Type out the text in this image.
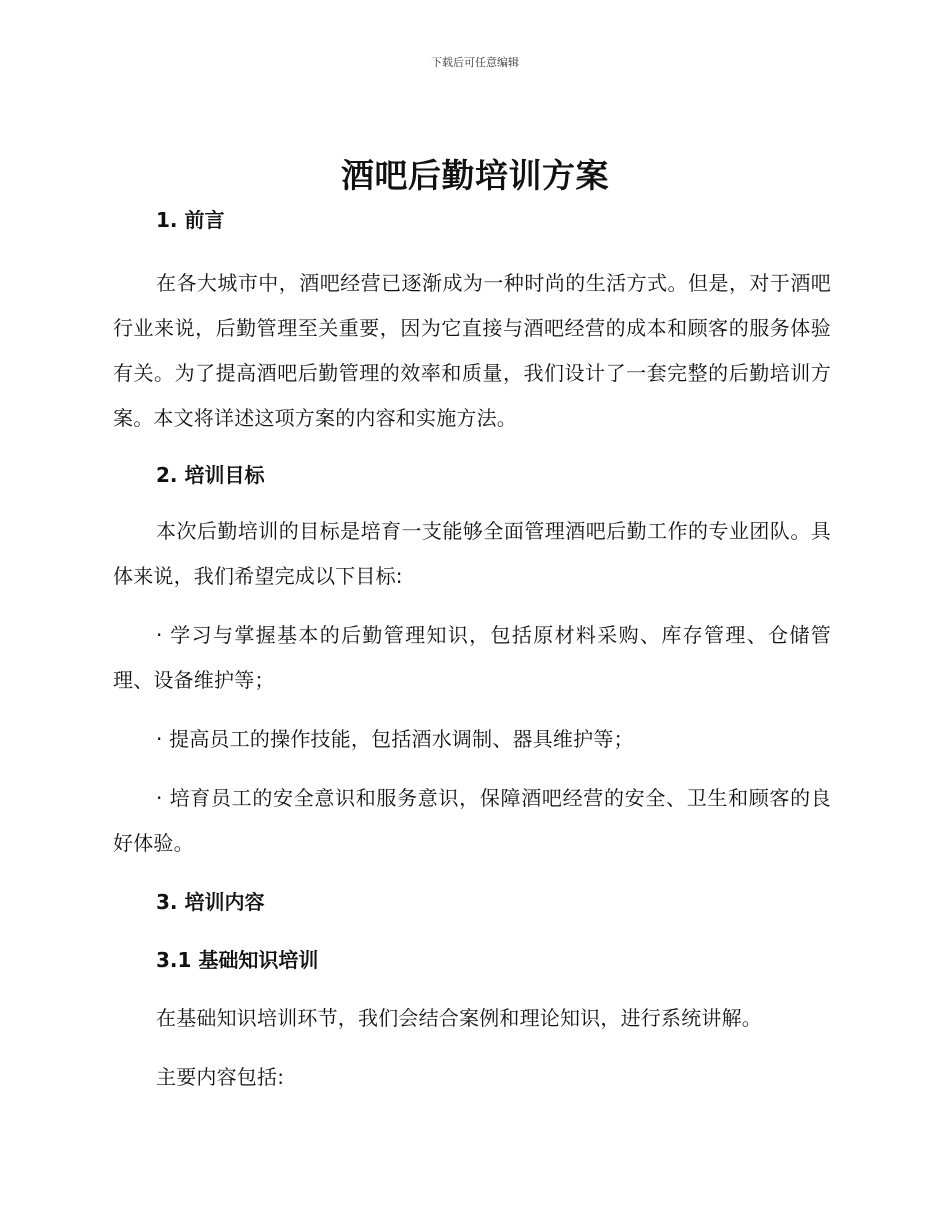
下载后可任意编辑
酒吧后勤培训方案

1. 前言

在各大城市中，酒吧经营已逐渐成为一种时尚的生活方式。但是，对于酒吧行业来说，后勤管理至关重要，因为它直接与酒吧经营的成本和顾客的服务体验有关。为了提高酒吧后勤管理的效率和质量，我们设计了一套完整的后勤培训方案。本文将详述这项方案的内容和实施方法。

2. 培训目标

本次后勤培训的目标是培育一支能够全面管理酒吧后勤工作的专业团队。具体来说，我们希望完成以下目标:

· 学习与掌握基本的后勤管理知识，包括原材料采购、库存管理、仓储管理、设备维护等；

· 提高员工的操作技能，包括酒水调制、器具维护等；

· 培育员工的安全意识和服务意识，保障酒吧经营的安全、卫生和顾客的良好体验。

3. 培训内容

3.1 基础知识培训

在基础知识培训环节，我们会结合案例和理论知识，进行系统讲解。

主要内容包括:
